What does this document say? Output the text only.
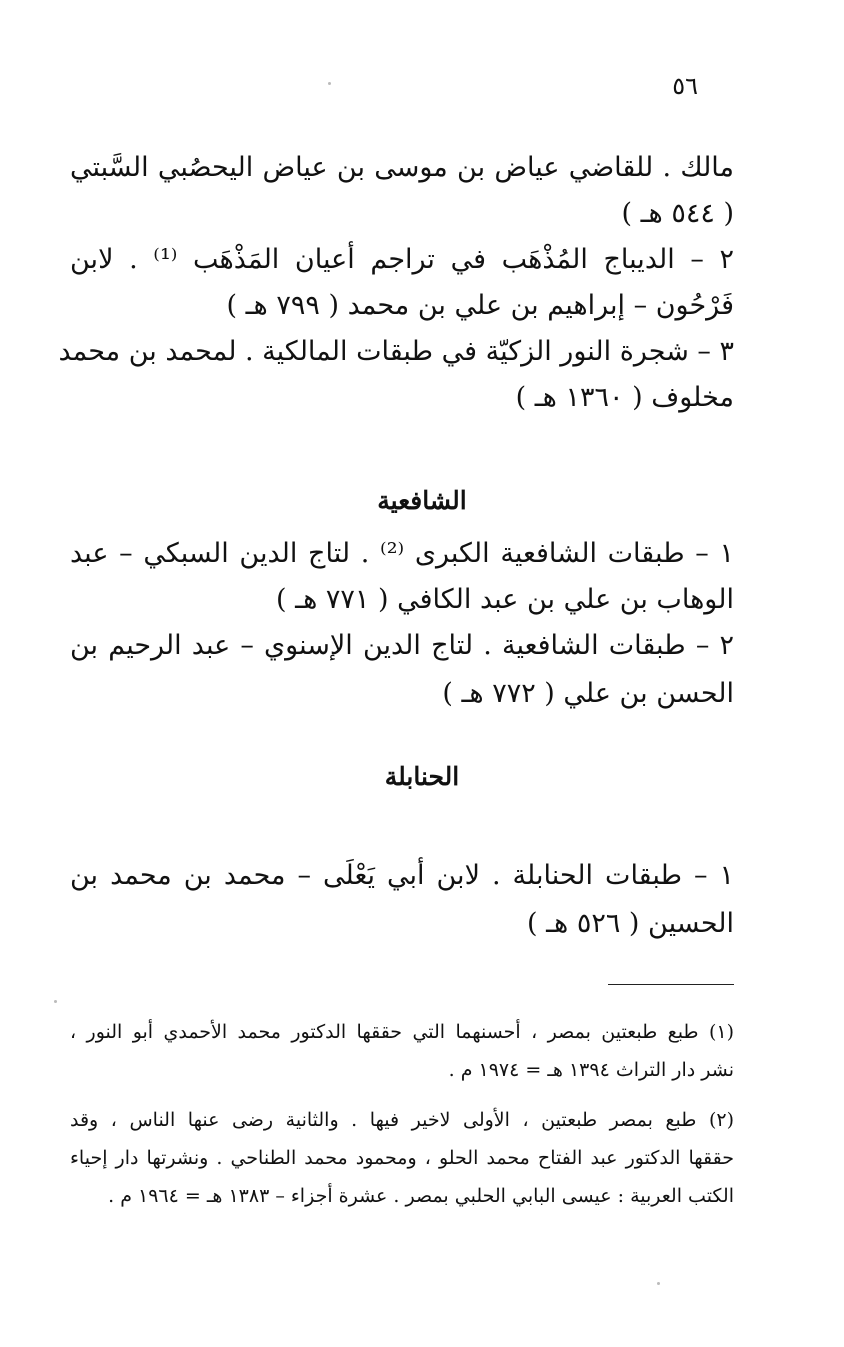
٥٦
مالك . للقاضي عياض بن موسى بن عياض اليحصُبي السَّبتي
( ٥٤٤ هـ )
٢ – الديباج المُذْهَب في تراجم أعيان المَذْهَب ⁽¹⁾ . لابن
فَرْحُون – إبراهيم بن علي بن محمد ( ٧٩٩ هـ )
٣ – شجرة النور الزكيّة في طبقات المالكية . لمحمد بن محمد
مخلوف ( ١٣٦٠ هـ )
الشافعية
١ – طبقات الشافعية الكبرى ⁽²⁾ . لتاج الدين السبكي – عبد
الوهاب بن علي بن عبد الكافي ( ٧٧١ هـ )
٢ – طبقات الشافعية . لتاج الدين الإسنوي – عبد الرحيم بن
الحسن بن علي ( ٧٧٢ هـ )
الحنابلة
١ – طبقات الحنابلة . لابن أبي يَعْلَى – محمد بن محمد بن
الحسين ( ٥٢٦ هـ )
(١) طبع طبعتين بمصر ، أحسنهما التي حققها الدكتور محمد الأحمدي أبو النور ،
نشر دار التراث ١٣٩٤ هـ = ١٩٧٤ م .
(٢) طبع بمصر طبعتين ، الأولى لاخير فيها . والثانية رضى عنها الناس ، وقد
حققها الدكتور عبد الفتاح محمد الحلو ، ومحمود محمد الطناحي . ونشرتها دار إحياء
الكتب العربية : عيسى البابي الحلبي بمصر . عشرة أجزاء – ١٣٨٣ هـ = ١٩٦٤ م .
